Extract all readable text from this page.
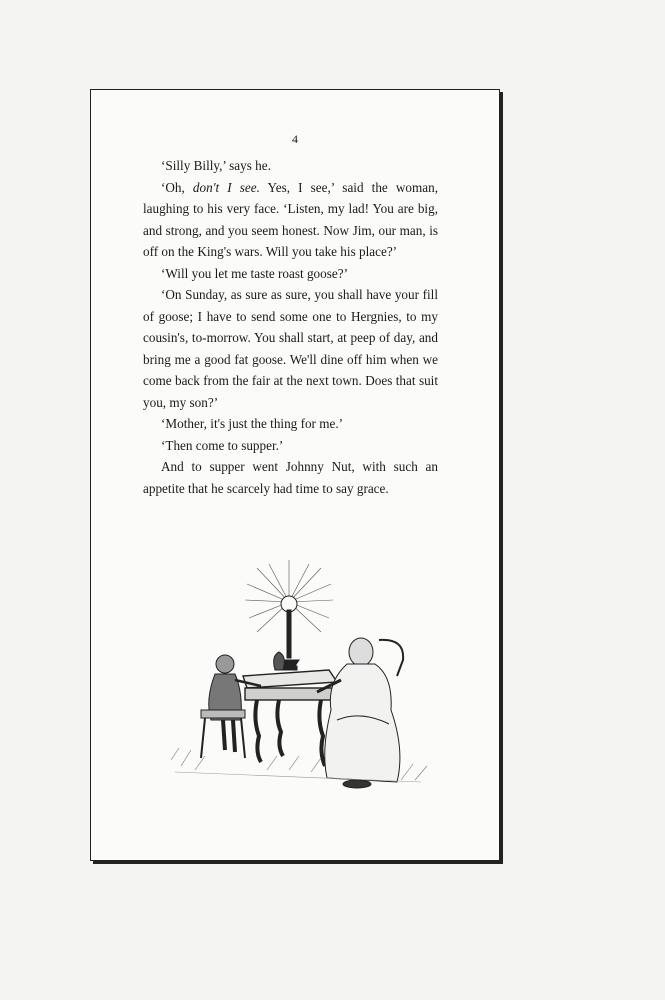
4

‘Silly Billy,’ says he.

‘Oh, don't I see. Yes, I see,’ said the woman, laughing to his very face. ‘Listen, my lad! You are big, and strong, and you seem honest. Now Jim, our man, is off on the King's wars. Will you take his place?’

‘Will you let me taste roast goose?’

‘On Sunday, as sure as sure, you shall have your fill of goose; I have to send some one to Hergnies, to my cousin's, to-morrow. You shall start, at peep of day, and bring me a good fat goose. We'll dine off him when we come back from the fair at the next town. Does that suit you, my son?’

‘Mother, it's just the thing for me.’

‘Then come to supper.’

And to supper went Johnny Nut, with such an appetite that he scarcely had time to say grace.
